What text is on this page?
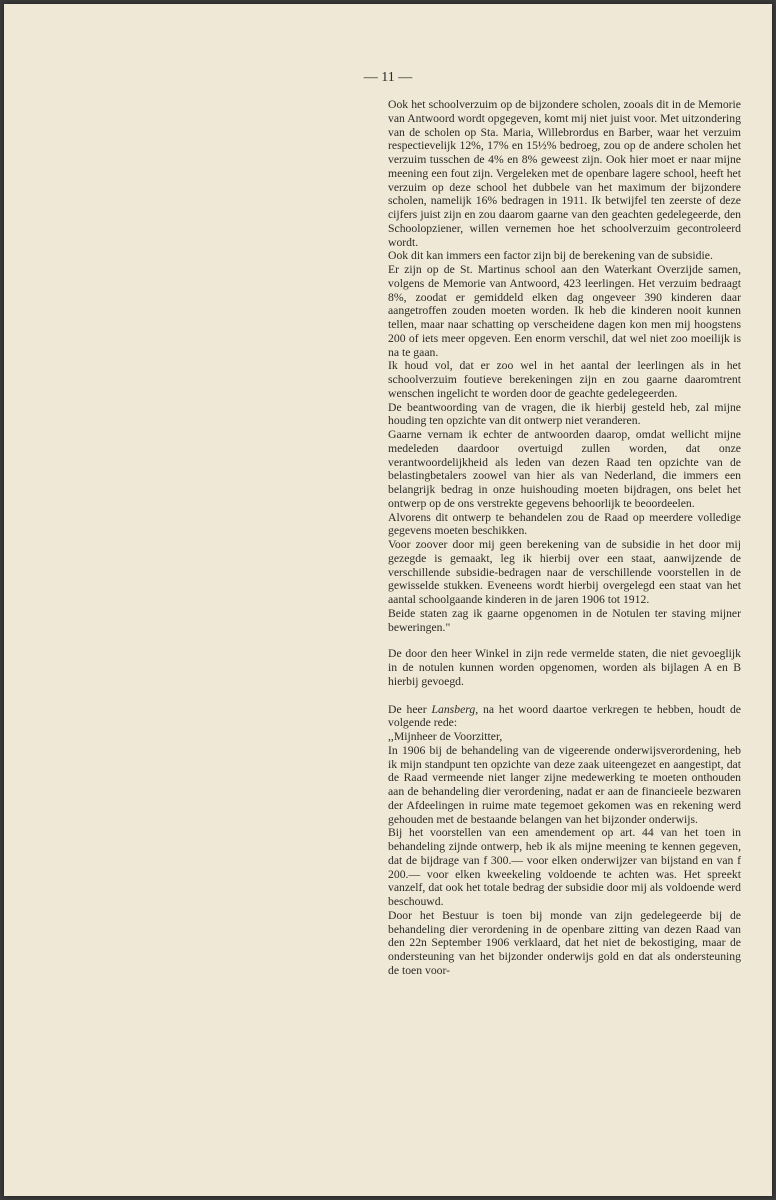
— 11 —

Ook het schoolverzuim op de bijzondere scholen, zooals dit in de Memorie van Antwoord wordt opgegeven, komt mij niet juist voor. Met uitzondering van de scholen op Sta. Maria, Willebrordus en Barber, waar het verzuim respectievelijk 12%, 17% en 15½% bedroeg, zou op de andere scholen het verzuim tusschen de 4% en 8% geweest zijn. Ook hier moet er naar mijne meening een fout zijn. Vergeleken met de openbare lagere school, heeft het verzuim op deze school het dubbele van het maximum der bijzondere scholen, namelijk 16% bedragen in 1911. Ik betwijfel ten zeerste of deze cijfers juist zijn en zou daarom gaarne van den geachten gedelegeerde, den Schoolopziener, willen vernemen hoe het schoolverzuim gecontroleerd wordt.

Ook dit kan immers een factor zijn bij de berekening van de subsidie.

Er zijn op de St. Martinus school aan den Waterkant Overzijde samen, volgens de Memorie van Antwoord, 423 leerlingen. Het verzuim bedraagt 8%, zoodat er gemiddeld elken dag ongeveer 390 kinderen daar aangetroffen zouden moeten worden. Ik heb die kinderen nooit kunnen tellen, maar naar schatting op verscheidene dagen kon men mij hoogstens 200 of iets meer opgeven. Een enorm verschil, dat wel niet zoo moeilijk is na te gaan.

Ik houd vol, dat er zoo wel in het aantal der leerlingen als in het schoolverzuim foutieve berekeningen zijn en zou gaarne daaromtrent wenschen ingelicht te worden door de geachte gedelegeerden.

De beantwoording van de vragen, die ik hierbij gesteld heb, zal mijne houding ten opzichte van dit ontwerp niet veranderen.

Gaarne vernam ik echter de antwoorden daarop, omdat wellicht mijne medeleden daardoor overtuigd zullen worden, dat onze verantwoordelijkheid als leden van dezen Raad ten opzichte van de belastingbetalers zoowel van hier als van Nederland, die immers een belangrijk bedrag in onze huishouding moeten bijdragen, ons belet het ontwerp op de ons verstrekte gegevens behoorlijk te beoordeelen.

Alvorens dit ontwerp te behandelen zou de Raad op meerdere volledige gegevens moeten beschikken.

Voor zoover door mij geen berekening van de subsidie in het door mij gezegde is gemaakt, leg ik hierbij over een staat, aanwijzende de verschillende subsidie-bedragen naar de verschillende voorstellen in de gewisselde stukken. Eveneens wordt hierbij overgelegd een staat van het aantal schoolgaande kinderen in de jaren 1906 tot 1912.

Beide staten zag ik gaarne opgenomen in de Notulen ter staving mijner beweringen."

De door den heer Winkel in zijn rede vermelde staten, die niet gevoeglijk in de notulen kunnen worden opgenomen, worden als bijlagen A en B hierbij gevoegd.

De heer Lansberg, na het woord daartoe verkregen te hebben, houdt de volgende rede:

,,Mijnheer de Voorzitter,

In 1906 bij de behandeling van de vigeerende onderwijsverordening, heb ik mijn standpunt ten opzichte van deze zaak uiteengezet en aangestipt, dat de Raad vermeende niet langer zijne medewerking te moeten onthouden aan de behandeling dier verordening, nadat er aan de financieele bezwaren der Afdeelingen in ruime mate tegemoet gekomen was en rekening werd gehouden met de bestaande belangen van het bijzonder onderwijs.

Bij het voorstellen van een amendement op art. 44 van het toen in behandeling zijnde ontwerp, heb ik als mijne meening te kennen gegeven, dat de bijdrage van f 300.— voor elken onderwijzer van bijstand en van f 200.— voor elken kweekeling voldoende te achten was. Het spreekt vanzelf, dat ook het totale bedrag der subsidie door mij als voldoende werd beschouwd.

Door het Bestuur is toen bij monde van zijn gedelegeerde bij de behandeling dier verordening in de openbare zitting van dezen Raad van den 22n September 1906 verklaard, dat het niet de bekostiging, maar de ondersteuning van het bijzonder onderwijs gold en dat als ondersteuning de toen voor-
